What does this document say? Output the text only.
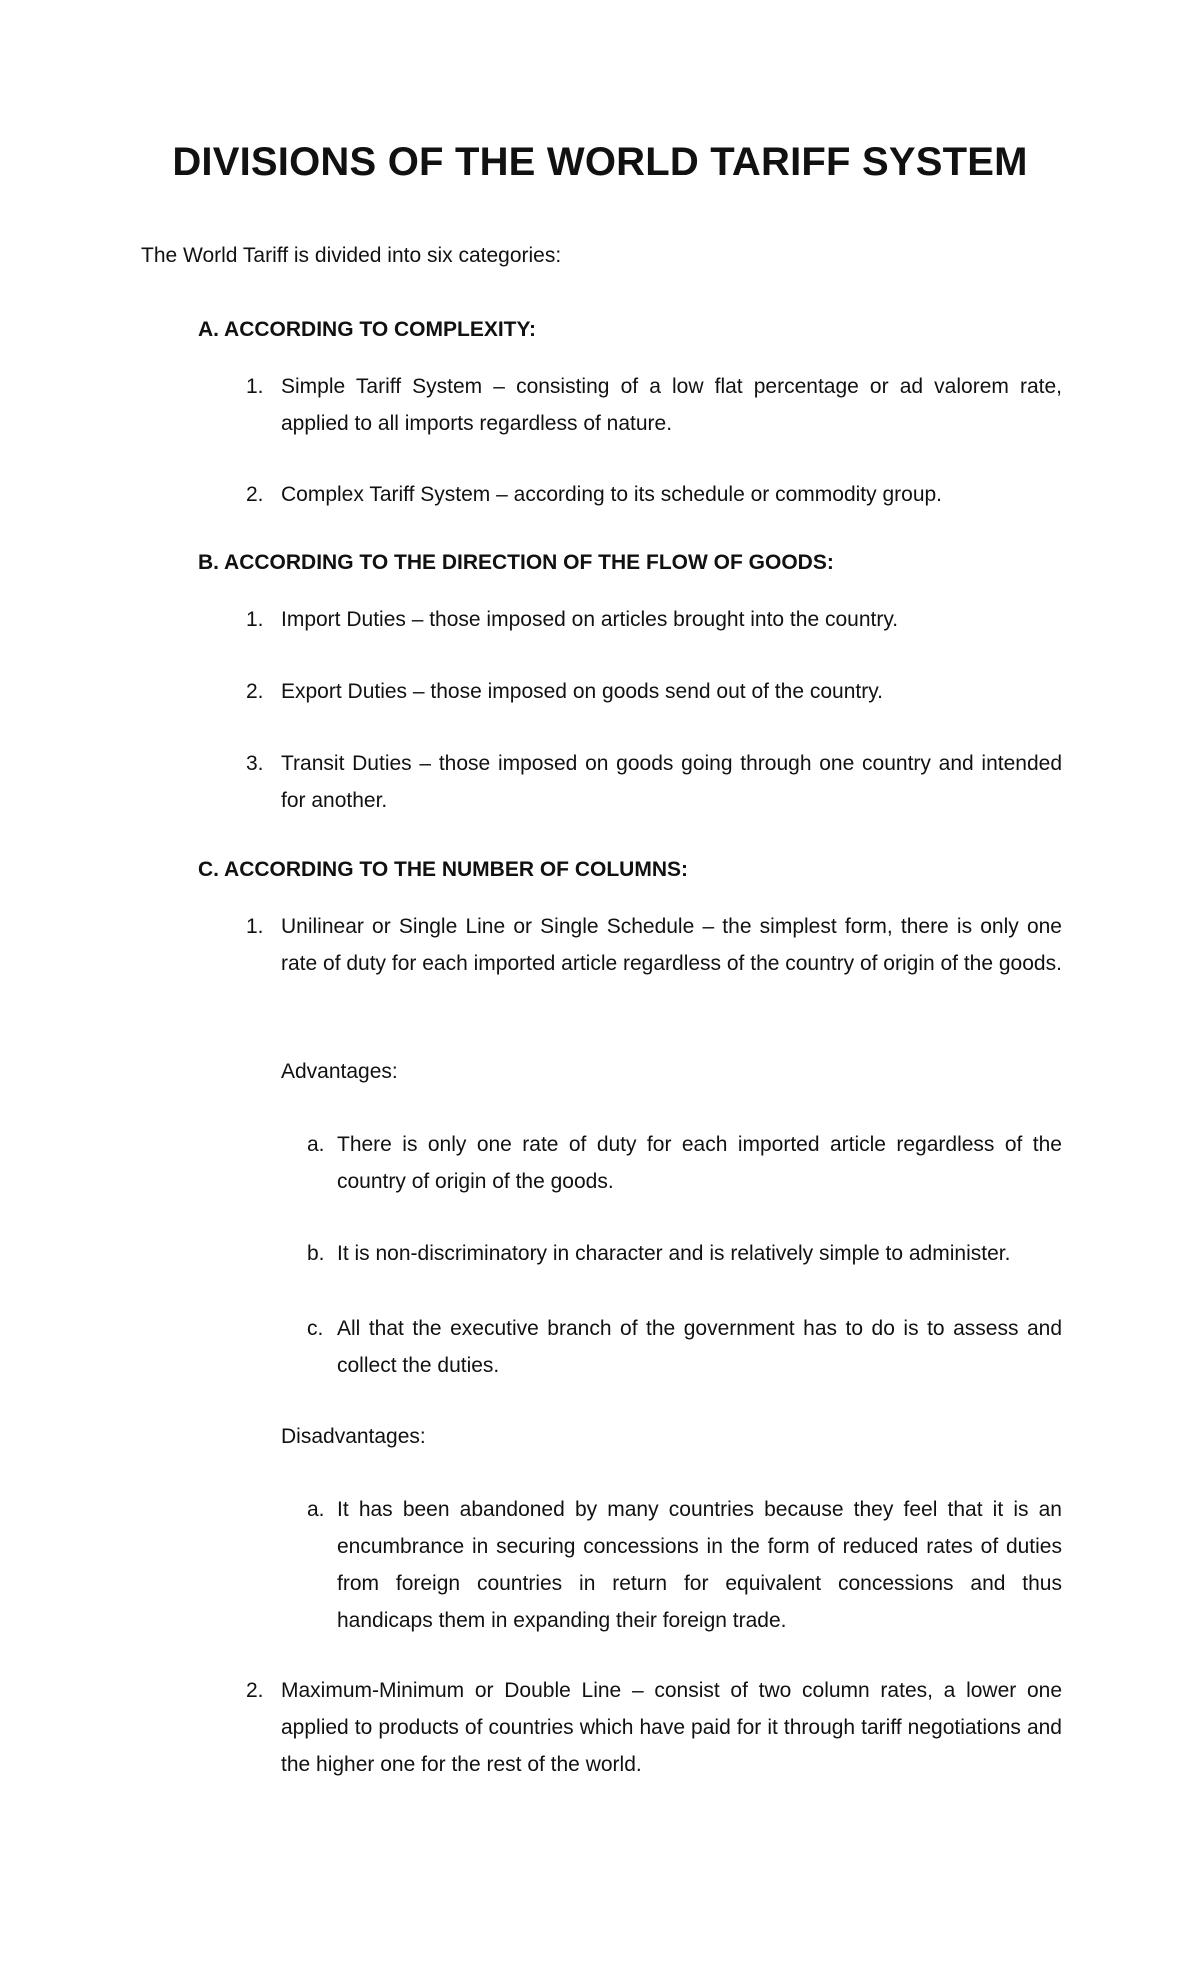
DIVISIONS OF THE WORLD TARIFF SYSTEM

The World Tariff is divided into six categories:

A. ACCORDING TO COMPLEXITY:
1. Simple Tariff System – consisting of a low flat percentage or ad valorem rate, applied to all imports regardless of nature.
2. Complex Tariff System – according to its schedule or commodity group.
B. ACCORDING TO THE DIRECTION OF THE FLOW OF GOODS:
1. Import Duties – those imposed on articles brought into the country.
2. Export Duties – those imposed on goods send out of the country.
3. Transit Duties – those imposed on goods going through one country and intended for another.
C. ACCORDING TO THE NUMBER OF COLUMNS:
1. Unilinear or Single Line or Single Schedule – the simplest form, there is only one rate of duty for each imported article regardless of the country of origin of the goods.

Advantages:

a. There is only one rate of duty for each imported article regardless of the country of origin of the goods.
b. It is non-discriminatory in character and is relatively simple to administer.
c. All that the executive branch of the government has to do is to assess and collect the duties.

Disadvantages:

a. It has been abandoned by many countries because they feel that it is an encumbrance in securing concessions in the form of reduced rates of duties from foreign countries in return for equivalent concessions and thus handicaps them in expanding their foreign trade.
2. Maximum-Minimum or Double Line – consist of two column rates, a lower one applied to products of countries which have paid for it through tariff negotiations and the higher one for the rest of the world.
